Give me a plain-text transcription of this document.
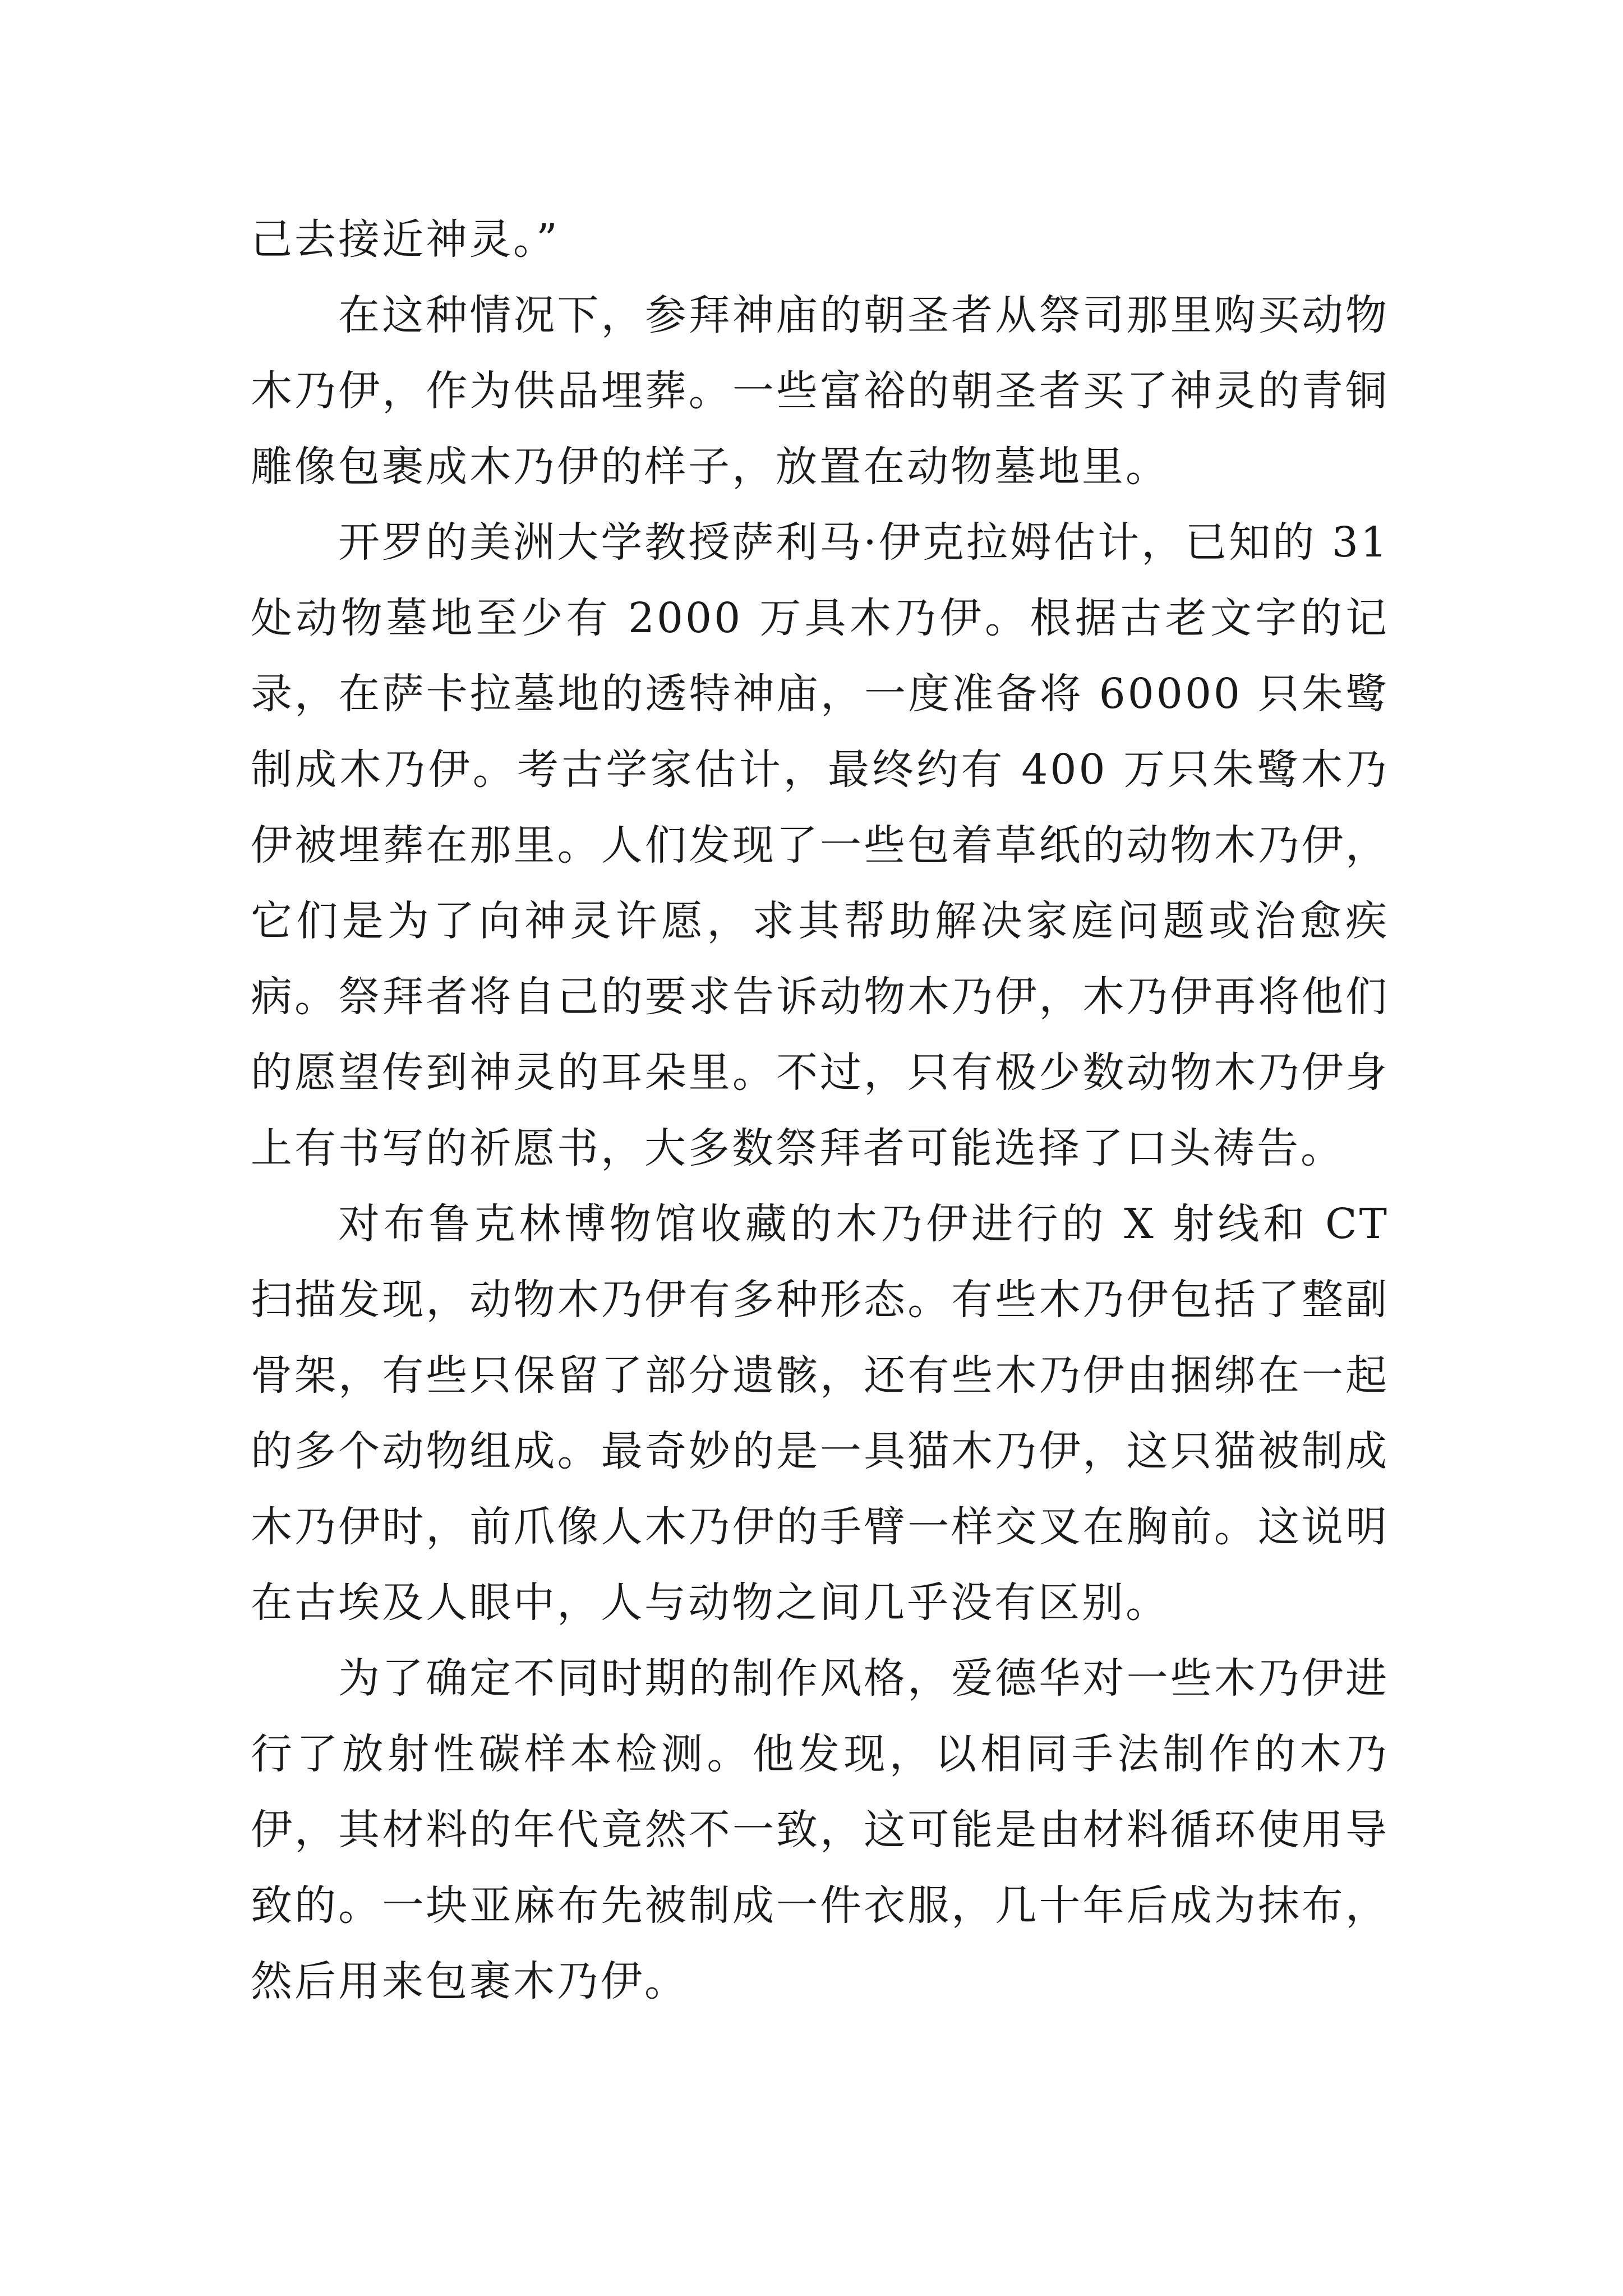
己去接近神灵。”

在这种情况下，参拜神庙的朝圣者从祭司那里购买动物木乃伊，作为供品埋葬。一些富裕的朝圣者买了神灵的青铜雕像包裹成木乃伊的样子，放置在动物墓地里。

开罗的美洲大学教授萨利马·伊克拉姆估计，已知的 31 处动物墓地至少有 2000 万具木乃伊。根据古老文字的记录，在萨卡拉墓地的透特神庙，一度准备将 60000 只朱鹭制成木乃伊。考古学家估计，最终约有 400 万只朱鹭木乃伊被埋葬在那里。人们发现了一些包着草纸的动物木乃伊，它们是为了向神灵许愿，求其帮助解决家庭问题或治愈疾病。祭拜者将自己的要求告诉动物木乃伊，木乃伊再将他们的愿望传到神灵的耳朵里。不过，只有极少数动物木乃伊身上有书写的祈愿书，大多数祭拜者可能选择了口头祷告。

对布鲁克林博物馆收藏的木乃伊进行的 X 射线和 CT 扫描发现，动物木乃伊有多种形态。有些木乃伊包括了整副骨架，有些只保留了部分遗骸，还有些木乃伊由捆绑在一起的多个动物组成。最奇妙的是一具猫木乃伊，这只猫被制成木乃伊时，前爪像人木乃伊的手臂一样交叉在胸前。这说明在古埃及人眼中，人与动物之间几乎没有区别。

为了确定不同时期的制作风格，爱德华对一些木乃伊进行了放射性碳样本检测。他发现，以相同手法制作的木乃伊，其材料的年代竟然不一致，这可能是由材料循环使用导致的。一块亚麻布先被制成一件衣服，几十年后成为抹布，然后用来包裹木乃伊。
